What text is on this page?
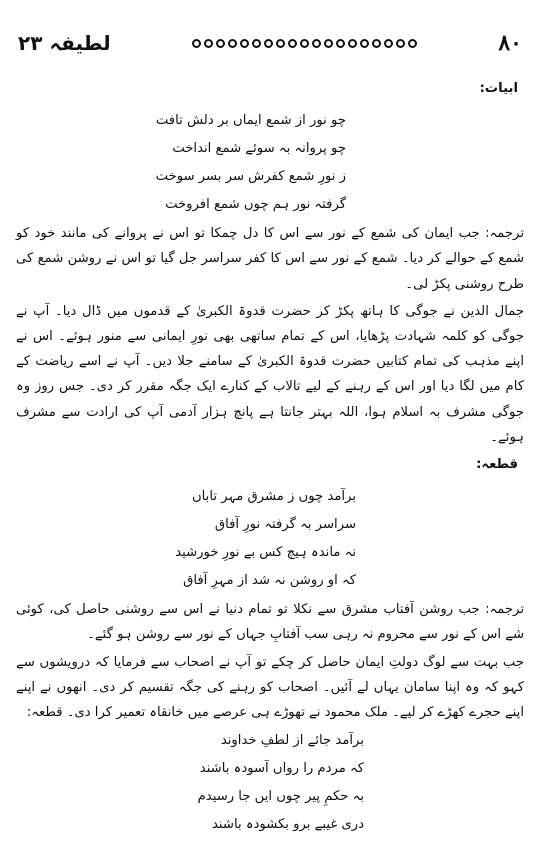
لطیفہ ۲۳	۸۰
ابیات:

چو نور از شمع ایماں بر دلش تافت

چو پروانہ بہ سوئے شمع انداخت

ز نورِ شمع کفرش سر بسر سوخت

گرفتہ نور ہم چوں شمع افروخت

ترجمہ: جب ایمان کی شمع کے نور سے اس کا دل چمکا تو اس نے پروانے کی مانند خود کو شمع کے حوالے کر دیا۔ شمع کے نور سے اس کا کفر سراسر جل گیا تو اس نے روشن شمع کی طرح روشنی پکڑ لی۔

جمال الدین نے جوگی کا ہاتھ پکڑ کر حضرت قدوۃ الکبریٰ کے قدموں میں ڈال دیا۔ آپ نے جوگی کو کلمہ شہادت پڑھایا، اس کے تمام ساتھی بھی نورِ ایمانی سے منور ہوئے۔ اس نے اپنے مذہب کی تمام کتابیں حضرت قدوۃ الکبریٰ کے سامنے جلا دیں۔ آپ نے اسے ریاضت کے کام میں لگا دیا اور اس کے رہنے کے لیے تالاب کے کنارے ایک جگہ مقرر کر دی۔ جس روز وہ جوگی مشرف بہ اسلام ہوا، اللہ بہتر جانتا ہے پانچ ہزار آدمی آپ کی ارادت سے مشرف ہوئے۔

قطعہ:

برآمد چوں ز مشرق مہر تاباں

سراسر بہ گرفتہ نورِ آفاق

نہ ماندہ ہیچ کس بے نورِ خورشید

کہ او روشن نہ شد از مہرِ آفاق

ترجمہ: جب روشن آفتاب مشرق سے نکلا تو تمام دنیا نے اس سے روشنی حاصل کی، کوئی شے اس کے نور سے محروم نہ رہی سب آفتابِ جہاں کے نور سے روشن ہو گئے۔

جب بہت سے لوگ دولتِ ایمان حاصل کر چکے تو آپ نے اصحاب سے فرمایا کہ درویشوں سے کہو کہ وہ اپنا سامان یہاں لے آئیں۔ اصحاب کو رہنے کی جگہ تقسیم کر دی۔ انھوں نے اپنے اپنے حجرے کھڑے کر لیے۔ ملک محمود نے تھوڑے ہی عرصے میں خانقاہ تعمیر کرا دی۔ قطعہ:

برآمد جائے از لطفِ خداوند

کہ مردم را رواں آسودہ باشند

بہ حکمِ پیر چوں ایں جا رسیدم

دری غیبے برو بکشودہ باشند
